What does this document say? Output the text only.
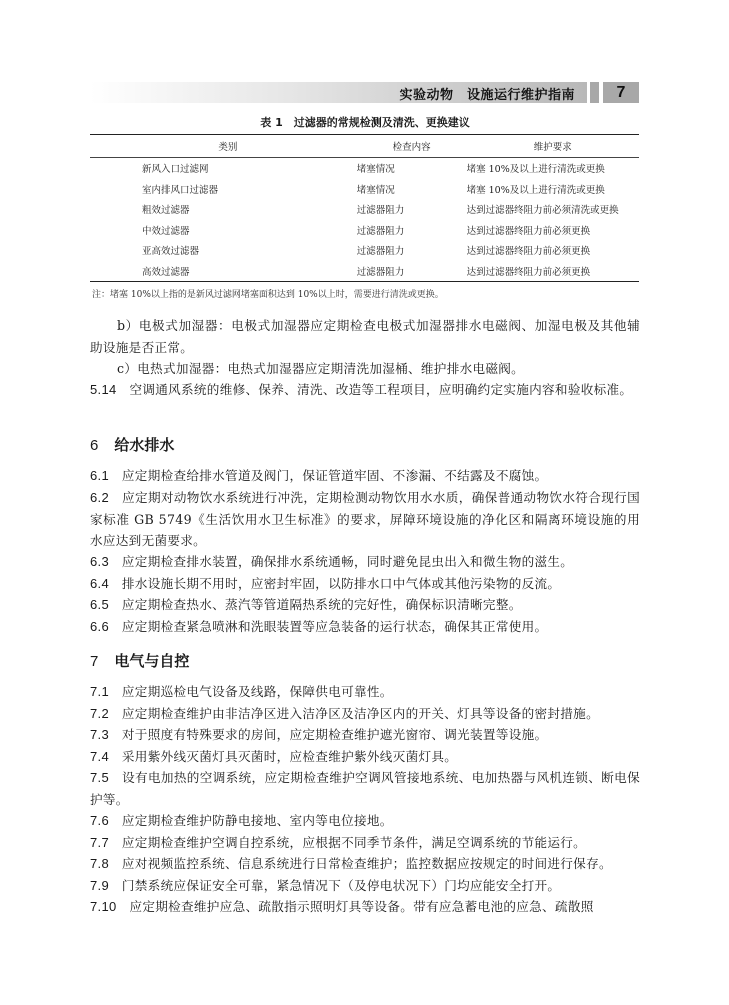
实验动物　设施运行维护指南	7
表 1　过滤器的常规检测及清洗、更换建议
类别	检查内容	维护要求
新风入口过滤网	堵塞情况	堵塞 10%及以上进行清洗或更换
室内排风口过滤器	堵塞情况	堵塞 10%及以上进行清洗或更换
粗效过滤器	过滤器阻力	达到过滤器终阻力前必须清洗或更换
中效过滤器	过滤器阻力	达到过滤器终阻力前必须更换
亚高效过滤器	过滤器阻力	达到过滤器终阻力前必须更换
高效过滤器	过滤器阻力	达到过滤器终阻力前必须更换
注：堵塞 10%以上指的是新风过滤网堵塞面积达到 10%以上时，需要进行清洗或更换。
b）电极式加湿器：电极式加湿器应定期检查电极式加湿器排水电磁阀、加湿电极及其他辅助设施是否正常。
c）电热式加湿器：电热式加湿器应定期清洗加湿桶、维护排水电磁阀。
5.14 空调通风系统的维修、保养、清洗、改造等工程项目，应明确约定实施内容和验收标准。
6 给水排水
6.1 应定期检查给排水管道及阀门，保证管道牢固、不渗漏、不结露及不腐蚀。
6.2 应定期对动物饮水系统进行冲洗，定期检测动物饮用水水质，确保普通动物饮水符合现行国家标准 GB 5749《生活饮用水卫生标准》的要求，屏障环境设施的净化区和隔离环境设施的用水应达到无菌要求。
6.3 应定期检查排水装置，确保排水系统通畅，同时避免昆虫出入和微生物的滋生。
6.4 排水设施长期不用时，应密封牢固，以防排水口中气体或其他污染物的反流。
6.5 应定期检查热水、蒸汽等管道隔热系统的完好性，确保标识清晰完整。
6.6 应定期检查紧急喷淋和洗眼装置等应急装备的运行状态，确保其正常使用。
7 电气与自控
7.1 应定期巡检电气设备及线路，保障供电可靠性。
7.2 应定期检查维护由非洁净区进入洁净区及洁净区内的开关、灯具等设备的密封措施。
7.3 对于照度有特殊要求的房间，应定期检查维护遮光窗帘、调光装置等设施。
7.4 采用紫外线灭菌灯具灭菌时，应检查维护紫外线灭菌灯具。
7.5 设有电加热的空调系统，应定期检查维护空调风管接地系统、电加热器与风机连锁、断电保护等。
7.6 应定期检查维护防静电接地、室内等电位接地。
7.7 应定期检查维护空调自控系统，应根据不同季节条件，满足空调系统的节能运行。
7.8 应对视频监控系统、信息系统进行日常检查维护；监控数据应按规定的时间进行保存。
7.9 门禁系统应保证安全可靠，紧急情况下（及停电状况下）门均应能安全打开。
7.10 应定期检查维护应急、疏散指示照明灯具等设备。带有应急蓄电池的应急、疏散照
